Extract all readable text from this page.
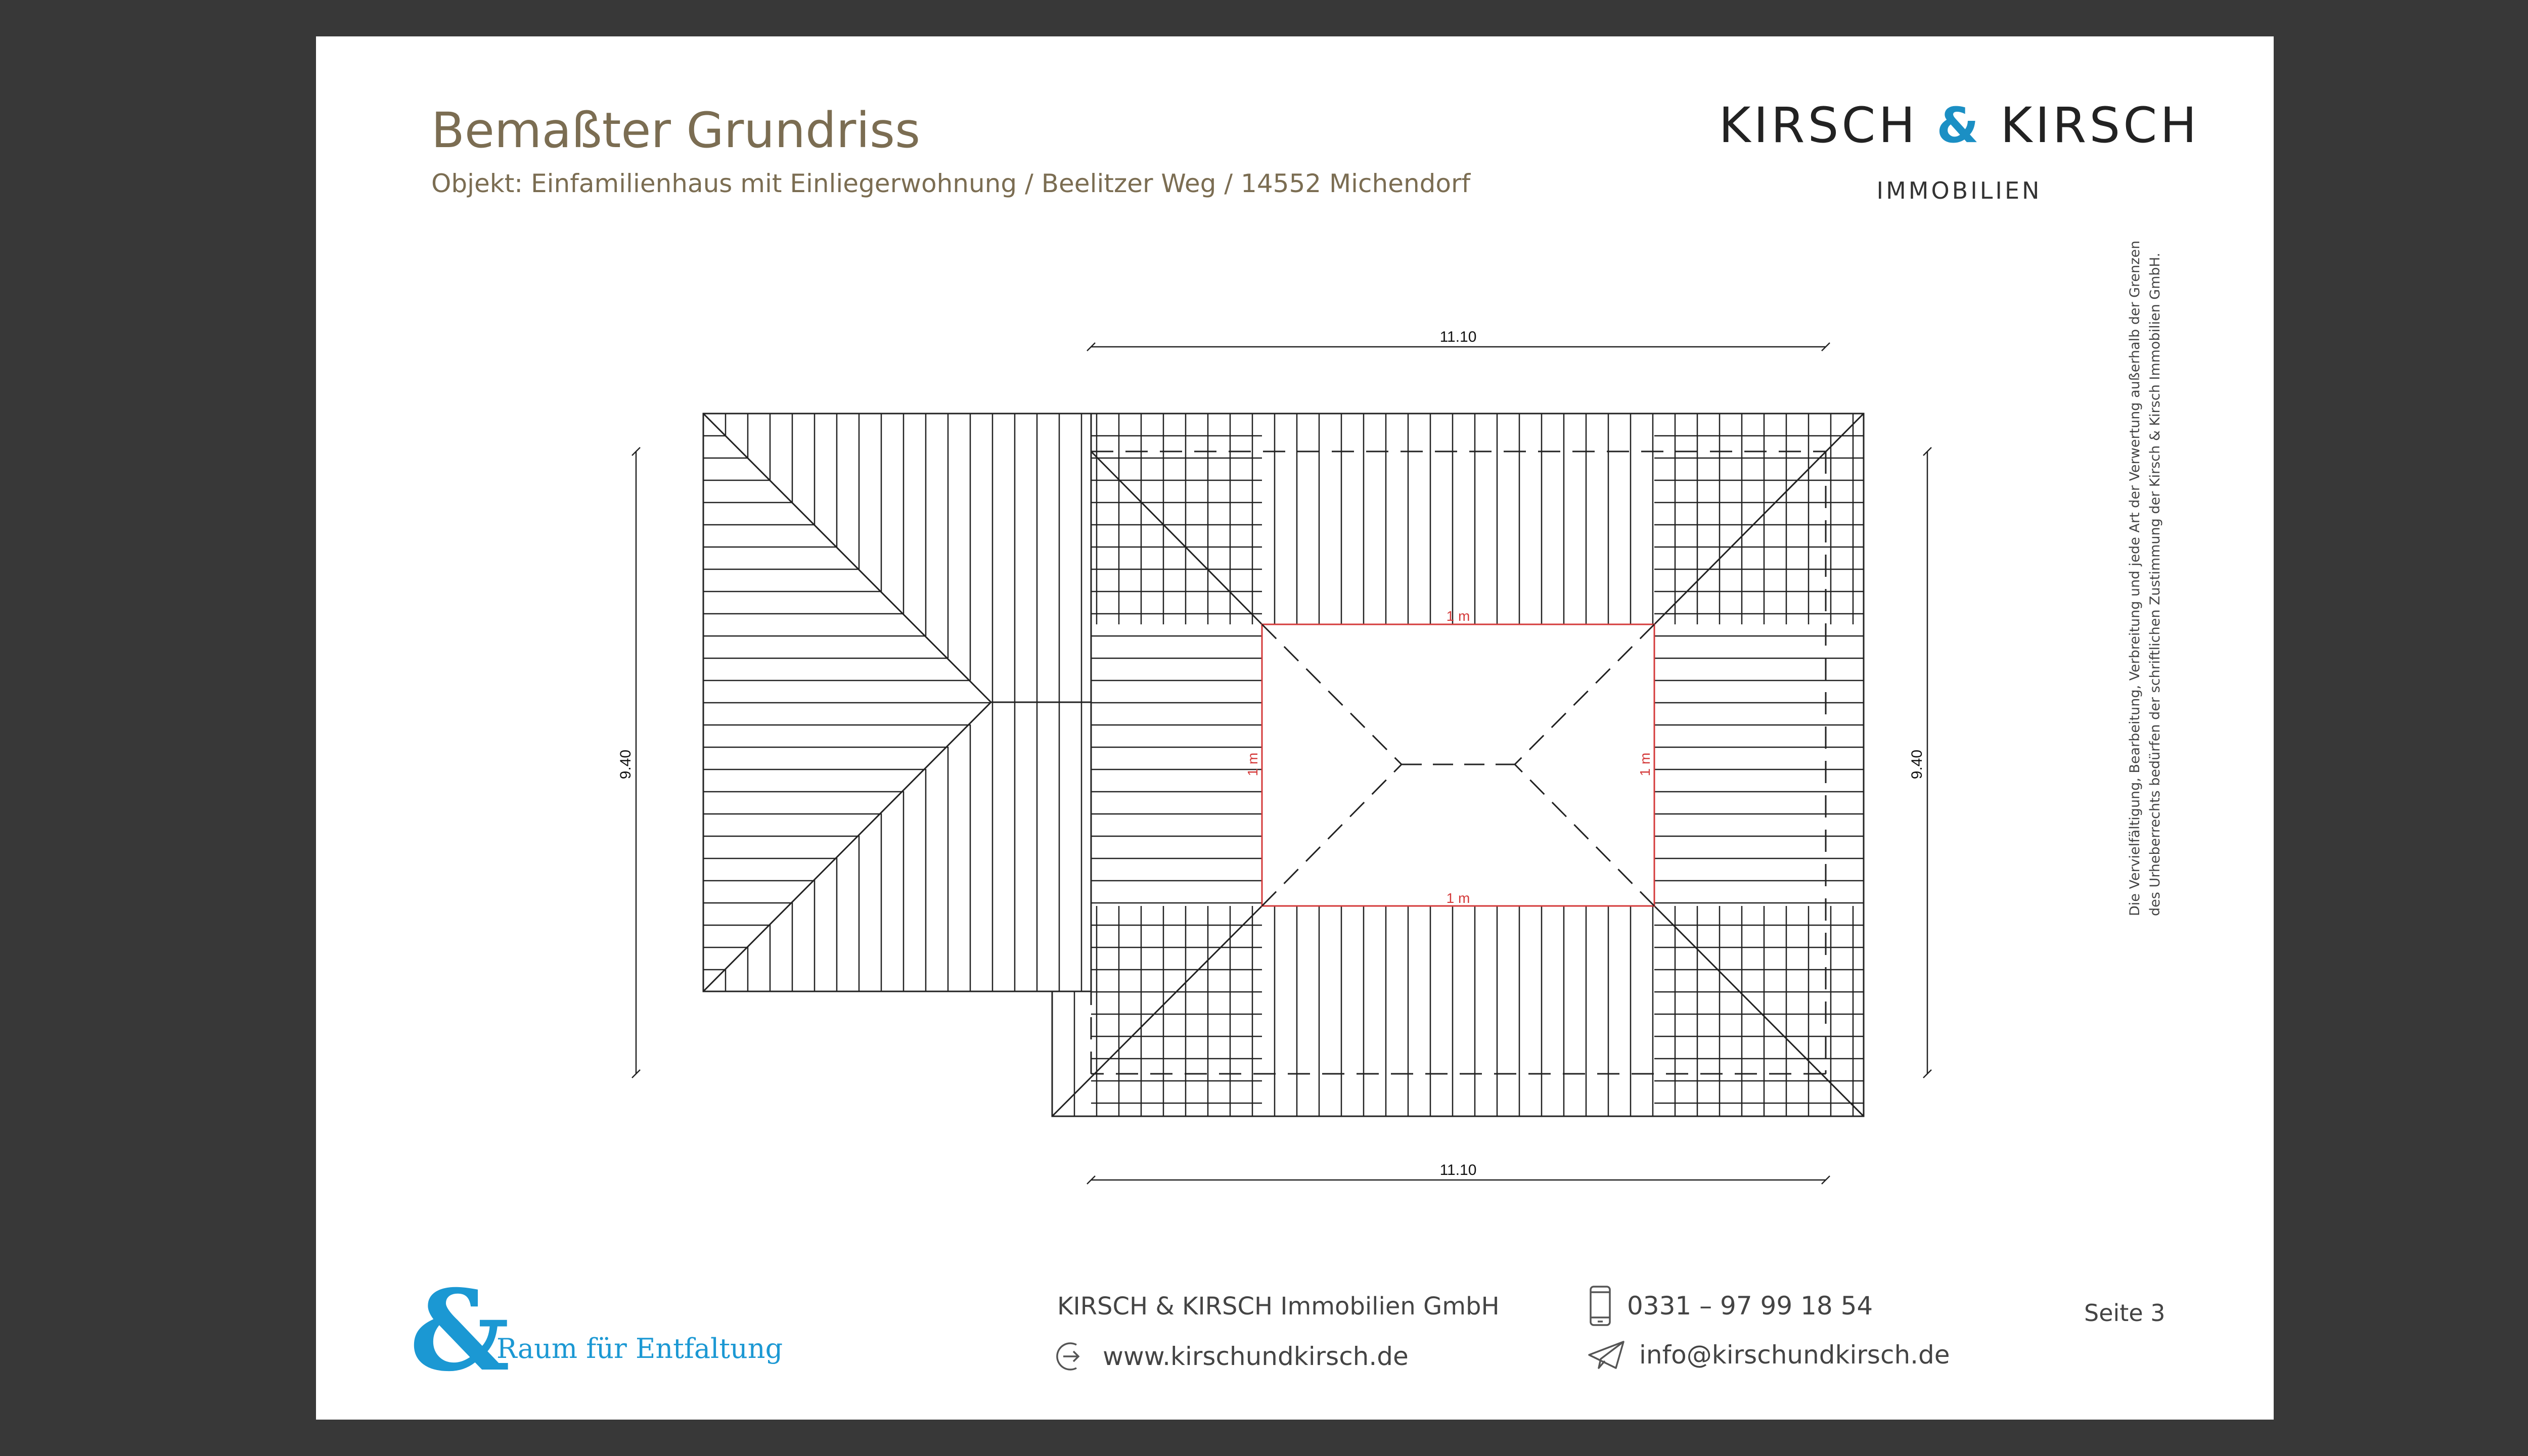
Bemaßter Grundriss
Objekt: Einfamilienhaus mit Einliegerwohnung / Beelitzer Weg / 14552 Michendorf
KIRSCH & KIRSCH
IMMOBILIEN
1 m
1 m
1 m	1 m
11.10
11.10
9.40	9.40	Die Vervielfältigung, Bearbeitung, Verbreitung und jede Art der Verwertung außerhalb der Grenzen des Urheberrechts bedürfen der schriftlichen Zustimmung der Kirsch & Kirsch Immobilien GmbH.
&
Raum für Entfaltung
KIRSCH & KIRSCH Immobilien GmbH
www.kirschundkirsch.de
0331 – 97 99 18 54
info@kirschundkirsch.de
Seite 3
